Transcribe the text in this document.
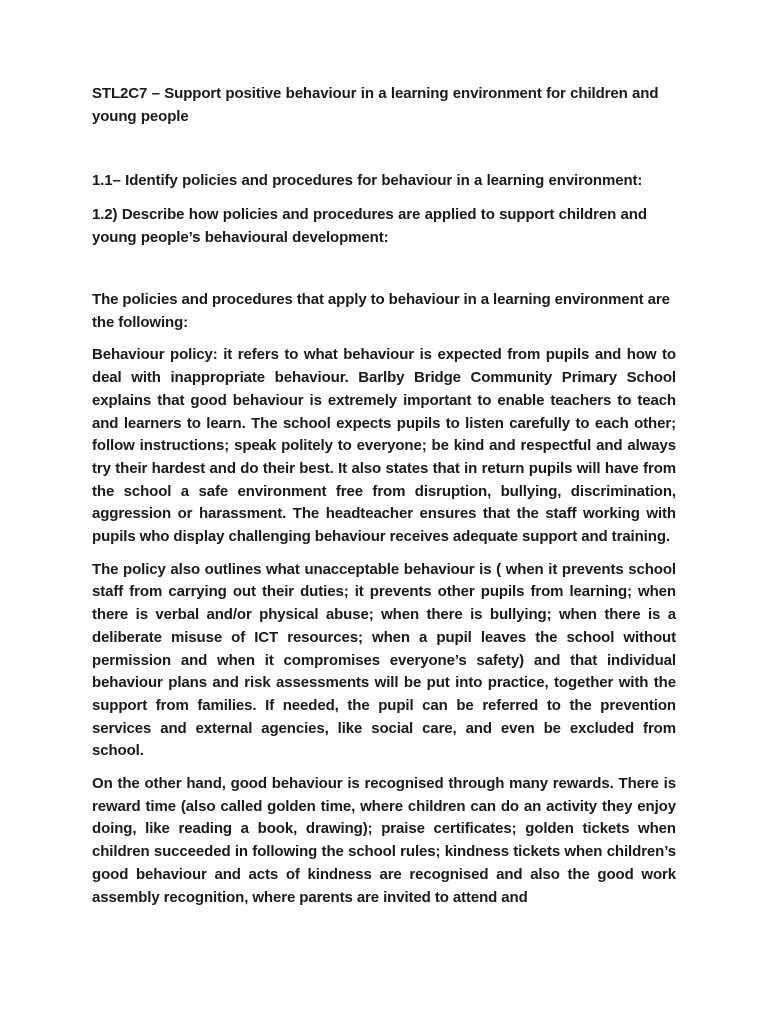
STL2C7 – Support positive behaviour in a learning environment for children and young people

1.1– Identify policies and procedures for behaviour in a learning environment:

1.2) Describe how policies and procedures are applied to support children and young people’s behavioural development:

The policies and procedures that apply to behaviour in a learning environment are the following:

Behaviour policy: it refers to what behaviour is expected from pupils and how to deal with inappropriate behaviour. Barlby Bridge Community Primary School explains that good behaviour is extremely important to enable teachers to teach and learners to learn. The school expects pupils to listen carefully to each other; follow instructions; speak politely to everyone; be kind and respectful and always try their hardest and do their best. It also states that in return pupils will have from the school a safe environment free from disruption, bullying, discrimination, aggression or harassment. The headteacher ensures that the staff working with pupils who display challenging behaviour receives adequate support and training.

The policy also outlines what unacceptable behaviour is ( when it prevents school staff from carrying out their duties; it prevents other pupils from learning; when there is verbal and/or physical abuse; when there is bullying; when there is a deliberate misuse of ICT resources; when a pupil leaves the school without permission and when it compromises everyone’s safety) and that individual behaviour plans and risk assessments will be put into practice, together with the support from families. If needed, the pupil can be referred to the prevention services and external agencies, like social care, and even be excluded from school.

On the other hand, good behaviour is recognised through many rewards. There is reward time (also called golden time, where children can do an activity they enjoy doing, like reading a book, drawing); praise certificates; golden tickets when children succeeded in following the school rules; kindness tickets when children’s good behaviour and acts of kindness are recognised and also the good work assembly recognition, where parents are invited to attend and
